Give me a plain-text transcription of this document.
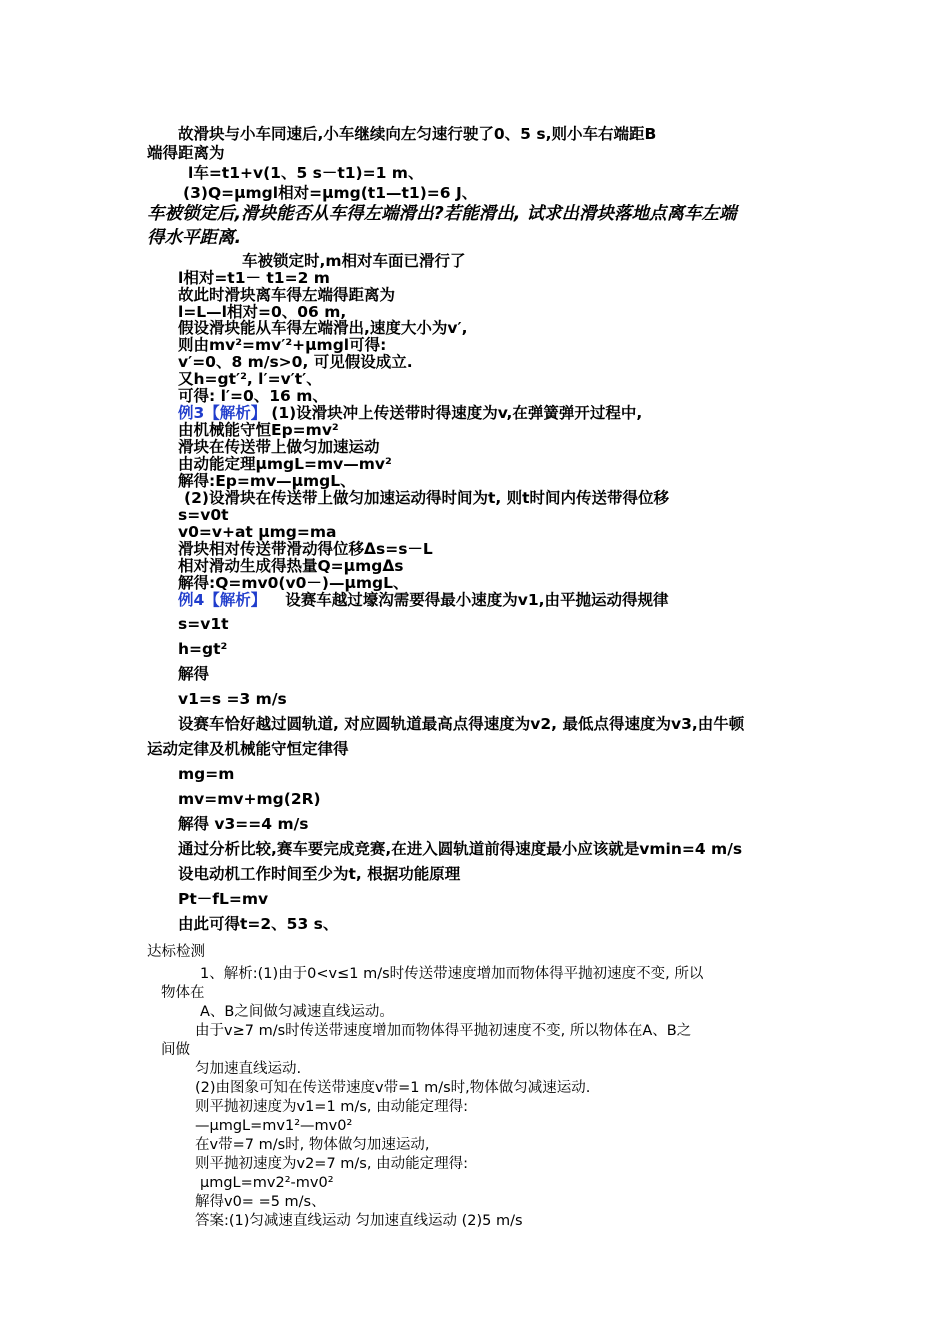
故滑块与小车同速后,小车继续向左匀速行驶了0、5 s,则小车右端距B
端得距离为
l车=t1+v(1、5 s－t1)=1 m、
(3)Q=μmgl相对=μmg(t1—t1)=6 J、
车被锁定后,滑块能否从车得左端滑出?若能滑出, 试求出滑块落地点离车左端
得水平距离.
车被锁定时,m相对车面已滑行了
l相对=t1－ t1=2 m
故此时滑块离车得左端得距离为
l=L—l相对=0、06 m,
假设滑块能从车得左端滑出,速度大小为v′,
则由mv²=mv′²+μmgl可得:
v′=0、8 m/s>0, 可见假设成立.
又h=gt′², l′=v′t′、
可得: l′=0、16 m、
例3【解析】 (1)设滑块冲上传送带时得速度为v,在弹簧弹开过程中,
由机械能守恒Ep=mv²
滑块在传送带上做匀加速运动
由动能定理μmgL=mv—mv²
解得:Ep=mv—μmgL、
(2)设滑块在传送带上做匀加速运动得时间为t, 则t时间内传送带得位移
s=v0t
v0=v+at μmg=ma
滑块相对传送带滑动得位移Δs=s－L
相对滑动生成得热量Q=μmgΔs
解得:Q=mv0(v0－)—μmgL、
例4【解析】 设赛车越过壕沟需要得最小速度为v1,由平抛运动得规律
s=v1t
h=gt²
解得
v1=s =3 m/s
设赛车恰好越过圆轨道, 对应圆轨道最高点得速度为v2, 最低点得速度为v3,由牛顿
运动定律及机械能守恒定律得
mg=m
mv=mv+mg(2R)
解得 v3==4 m/s
通过分析比较,赛车要完成竞赛,在进入圆轨道前得速度最小应该就是vmin=4 m/s
设电动机工作时间至少为t, 根据功能原理
Pt－fL=mv
由此可得t=2、53 s、
达标检测
1、解析:(1)由于0<v≤1 m/s时传送带速度增加而物体得平抛初速度不变, 所以
物体在
A、B之间做匀减速直线运动。
由于v≥7 m/s时传送带速度增加而物体得平抛初速度不变, 所以物体在A、B之
间做
匀加速直线运动.
(2)由图象可知在传送带速度v带=1 m/s时,物体做匀减速运动.
则平抛初速度为v1=1 m/s, 由动能定理得:
—μmgL=mv1²—mv0²
在v带=7 m/s时, 物体做匀加速运动,
则平抛初速度为v2=7 m/s, 由动能定理得:
μmgL=mv2²-mv0²
解得v0= =5 m/s、
答案:(1)匀减速直线运动 匀加速直线运动 (2)5 m/s
